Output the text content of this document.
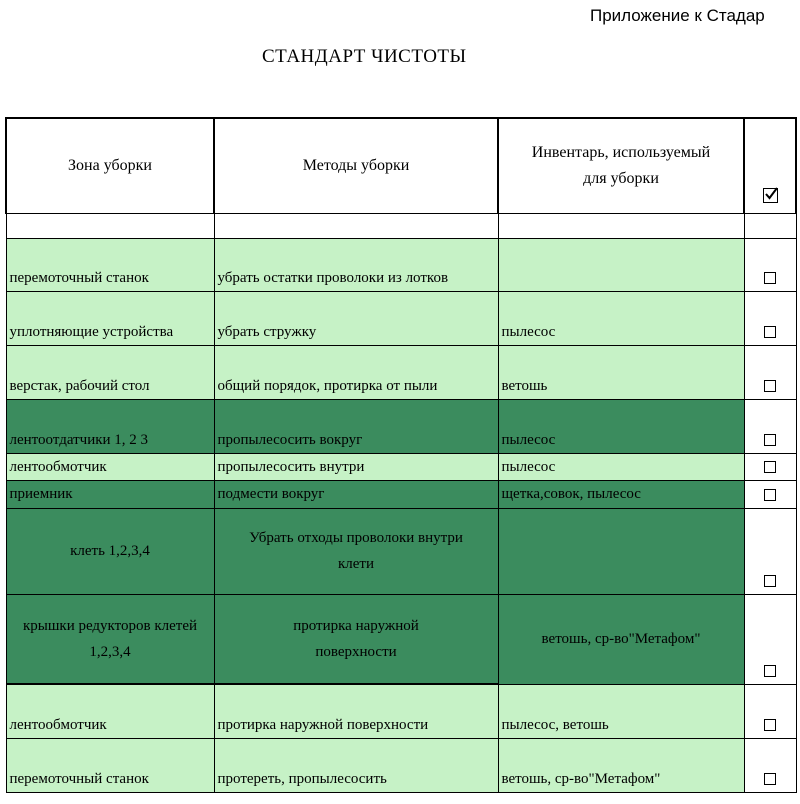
Приложение к Стадар
СТАНДАРТ ЧИСТОТЫ
Зона уборки	Методы уборки	Инвентарь, используемый для уборки	

перемоточный станок	убрать остатки проволоки из лотков		
уплотняющие устройства	убрать стружку	пылесос	
верстак, рабочий стол	общий порядок, протирка от пыли	ветошь	
лентоотдатчики 1, 2 3	пропылесосить вокруг	пылесос	
лентообмотчик	пропылесосить внутри	пылесос	
приемник	подмести вокруг	щетка,совок, пылесос	
клеть 1,2,3,4	Убрать отходы проволоки внутри клети		
крышки редукторов клетей 1,2,3,4	протирка наружной поверхности	ветошь, ср-во"Метафом"	
лентообмотчик	протирка наружной поверхности	пылесос, ветошь	
перемоточный станок	протереть, пропылесосить	ветошь, ср-во"Метафом"	
